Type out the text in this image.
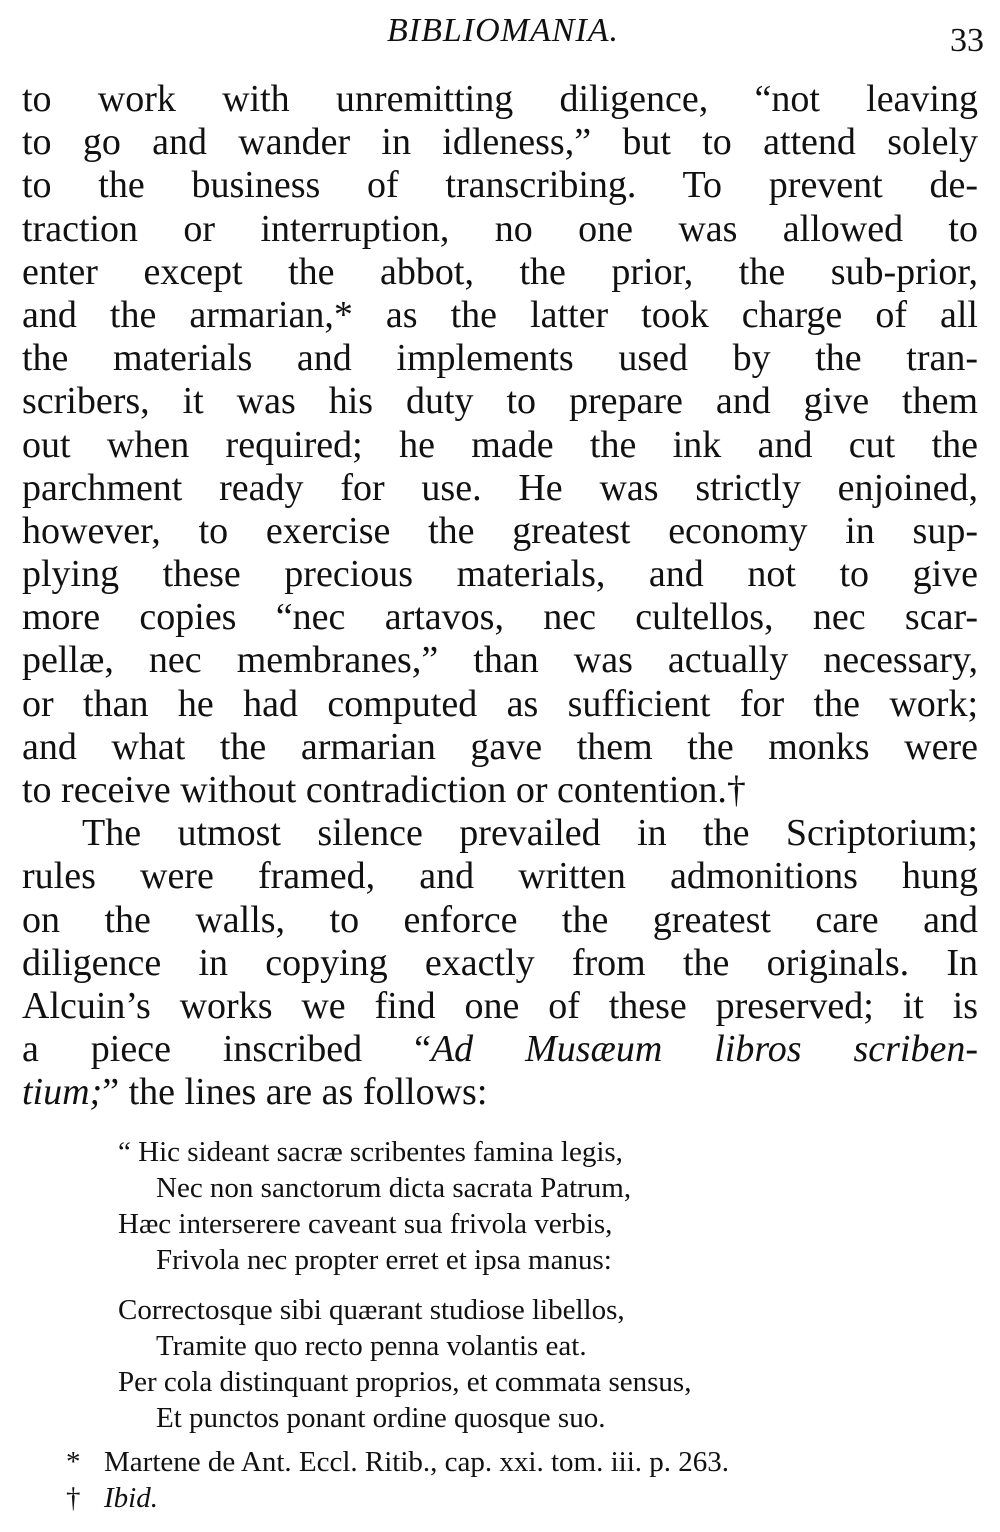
BIBLIOMANIA.	33
to work with unremitting diligence, “not leaving
to go and wander in idleness,” but to attend solely
to the business of transcribing. To prevent de-
traction or interruption, no one was allowed to
enter except the abbot, the prior, the sub-prior,
and the armarian,* as the latter took charge of all
the materials and implements used by the tran-
scribers, it was his duty to prepare and give them
out when required; he made the ink and cut the
parchment ready for use. He was strictly enjoined,
however, to exercise the greatest economy in sup-
plying these precious materials, and not to give
more copies “nec artavos, nec cultellos, nec scar-
pellæ, nec membranes,” than was actually necessary,
or than he had computed as sufficient for the work;
and what the armarian gave them the monks were
to receive without contradiction or contention.†
The utmost silence prevailed in the Scriptorium;
rules were framed, and written admonitions hung
on the walls, to enforce the greatest care and
diligence in copying exactly from the originals. In
Alcuin’s works we find one of these preserved; it is
a piece inscribed “Ad Musæum libros scriben-
tium;” the lines are as follows:
“ Hic sideant sacræ scribentes famina legis,
Nec non sanctorum dicta sacrata Patrum,
Hæc interserere caveant sua frivola verbis,
Frivola nec propter erret et ipsa manus:
Correctosque sibi quærant studiose libellos,
Tramite quo recto penna volantis eat.
Per cola distinquant proprios, et commata sensus,
Et punctos ponant ordine quosque suo.
* Martene de Ant. Eccl. Ritib., cap. xxi. tom. iii. p. 263.
† Ibid.
